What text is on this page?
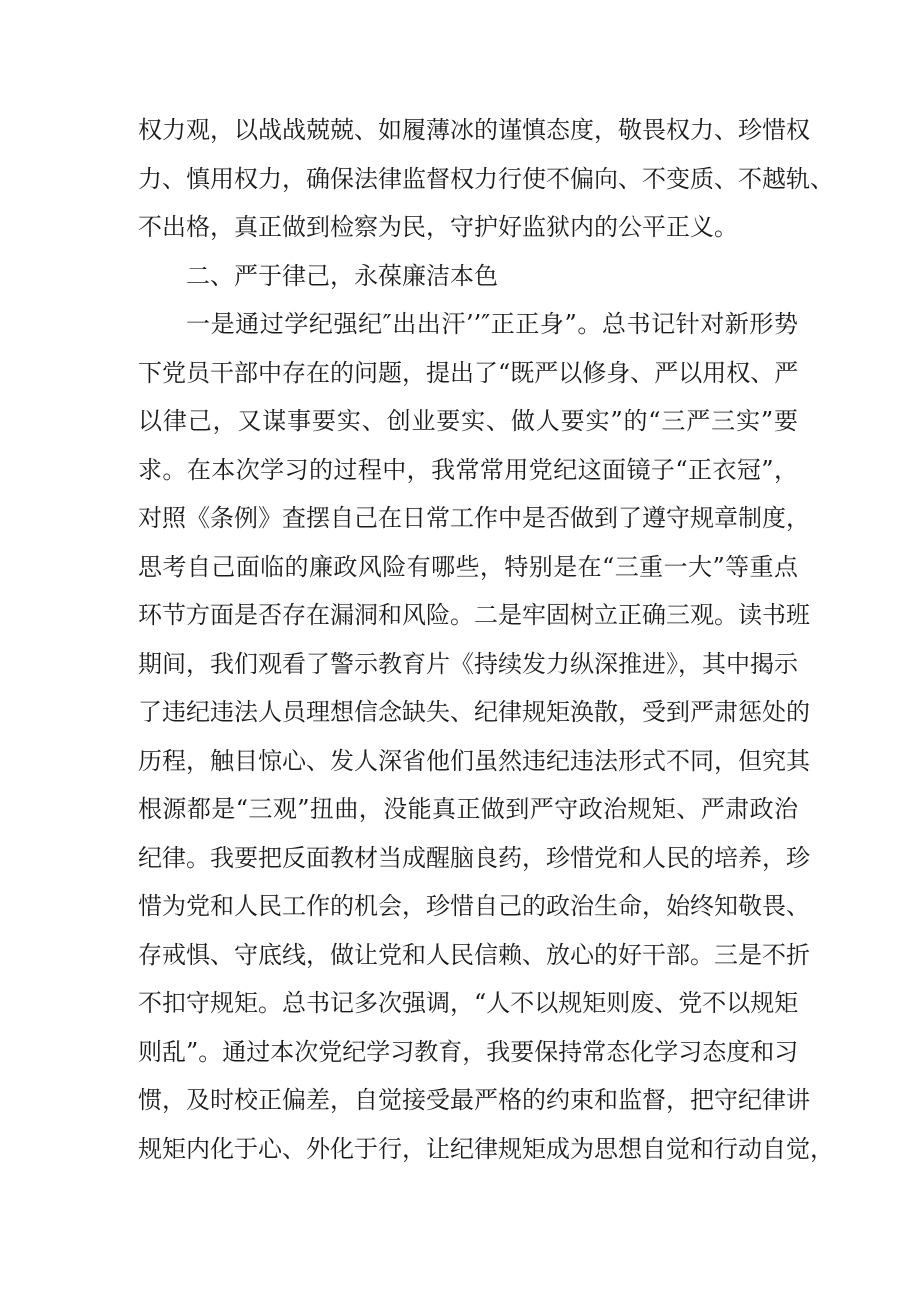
权力观，以战战兢兢、如履薄冰的谨慎态度，敬畏权力、珍惜权
力、慎用权力，确保法律监督权力行使不偏向、不变质、不越轨、
不出格，真正做到检察为民，守护好监狱内的公平正义。
二、严于律己，永葆廉洁本色
一是通过学纪强纪″出出汗’’″正正身”。总书记针对新形势
下党员干部中存在的问题，提出了“既严以修身、严以用权、严
以律己，又谋事要实、创业要实、做人要实”的“三严三实”要
求。在本次学习的过程中，我常常用党纪这面镜子“正衣冠”，
对照《条例》査摆自己在日常工作中是否做到了遵守规章制度，
思考自己面临的廉政风险有哪些，特别是在“三重一大”等重点
环节方面是否存在漏洞和风险。二是牢固树立正确三观。读书班
期间，我们观看了警示教育片《持续发力纵深推进》，其中揭示
了违纪违法人员理想信念缺失、纪律规矩涣散，受到严肃惩处的
历程，触目惊心、发人深省他们虽然违纪违法形式不同，但究其
根源都是“三观”扭曲，没能真正做到严守政治规矩、严肃政治
纪律。我要把反面教材当成醒脑良药，珍惜党和人民的培养，珍
惜为党和人民工作的机会，珍惜自己的政治生命，始终知敬畏、
存戒惧、守底线，做让党和人民信赖、放心的好干部。三是不折
不扣守规矩。总书记多次强调，“人不以规矩则废、党不以规矩
则乱”。通过本次党纪学习教育，我要保持常态化学习态度和习
惯，及时校正偏差，自觉接受最严格的约束和监督，把守纪律讲
规矩内化于心、外化于行，让纪律规矩成为思想自觉和行动自觉，
